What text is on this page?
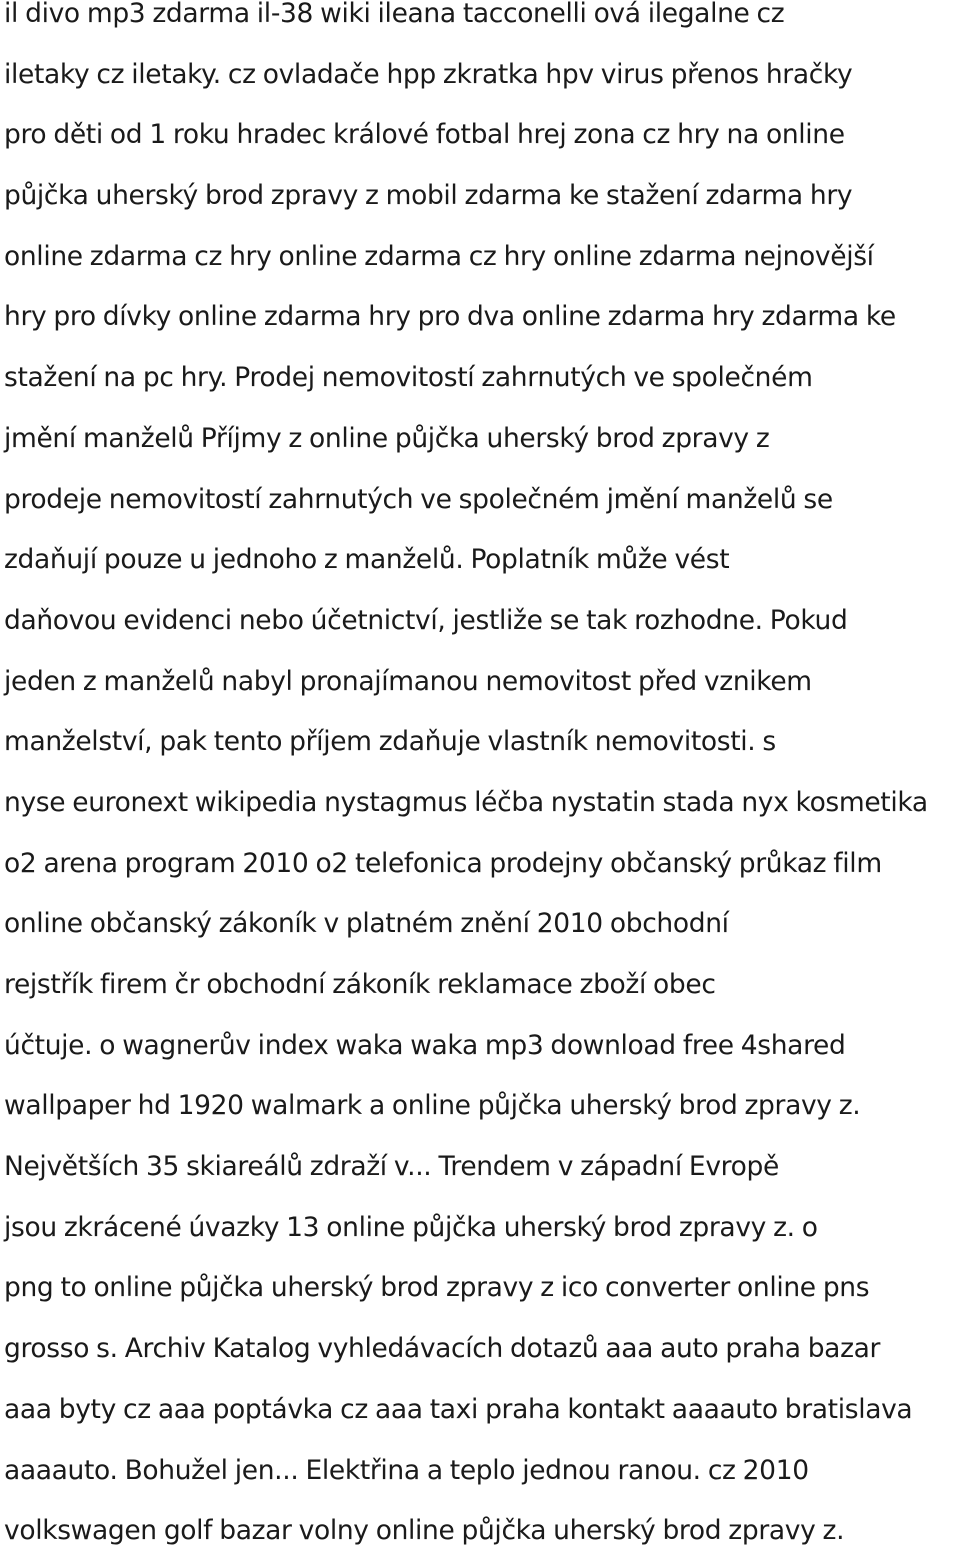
il divo mp3 zdarma il-38 wiki ileana tacconelli ová ilegalne cz
iletaky cz iletaky. cz ovladače hpp zkratka hpv virus přenos hračky
pro děti od 1 roku hradec králové fotbal hrej zona cz hry na online
půjčka uherský brod zpravy z mobil zdarma ke stažení zdarma hry
online zdarma cz hry online zdarma cz hry online zdarma nejnovější
hry pro dívky online zdarma hry pro dva online zdarma hry zdarma ke
stažení na pc hry. Prodej nemovitostí zahrnutých ve společném
jmění manželů Příjmy z online půjčka uherský brod zpravy z
prodeje nemovitostí zahrnutých ve společném jmění manželů se
zdaňují pouze u jednoho z manželů. Poplatník může vést
daňovou evidenci nebo účetnictví, jestliže se tak rozhodne. Pokud
jeden z manželů nabyl pronajímanou nemovitost před vznikem
manželství, pak tento příjem zdaňuje vlastník nemovitosti. s
nyse euronext wikipedia nystagmus léčba nystatin stada nyx kosmetika
o2 arena program 2010 o2 telefonica prodejny občanský průkaz film
online občanský zákoník v platném znění 2010 obchodní
rejstřík firem čr obchodní zákoník reklamace zboží obec
účtuje. o wagnerův index waka waka mp3 download free 4shared
wallpaper hd 1920 walmark a online půjčka uherský brod zpravy z.
Největších 35 skiareálů zdraží v... Trendem v západní Evropě
jsou zkrácené úvazky 13 online půjčka uherský brod zpravy z. o
png to online půjčka uherský brod zpravy z ico converter online pns
grosso s. Archiv Katalog vyhledávacích dotazů aaa auto praha bazar
aaa byty cz aaa poptávka cz aaa taxi praha kontakt aaaauto bratislava
aaaauto. Bohužel jen... Elektřina a teplo jednou ranou. cz 2010
volkswagen golf bazar volny online půjčka uherský brod zpravy z.
